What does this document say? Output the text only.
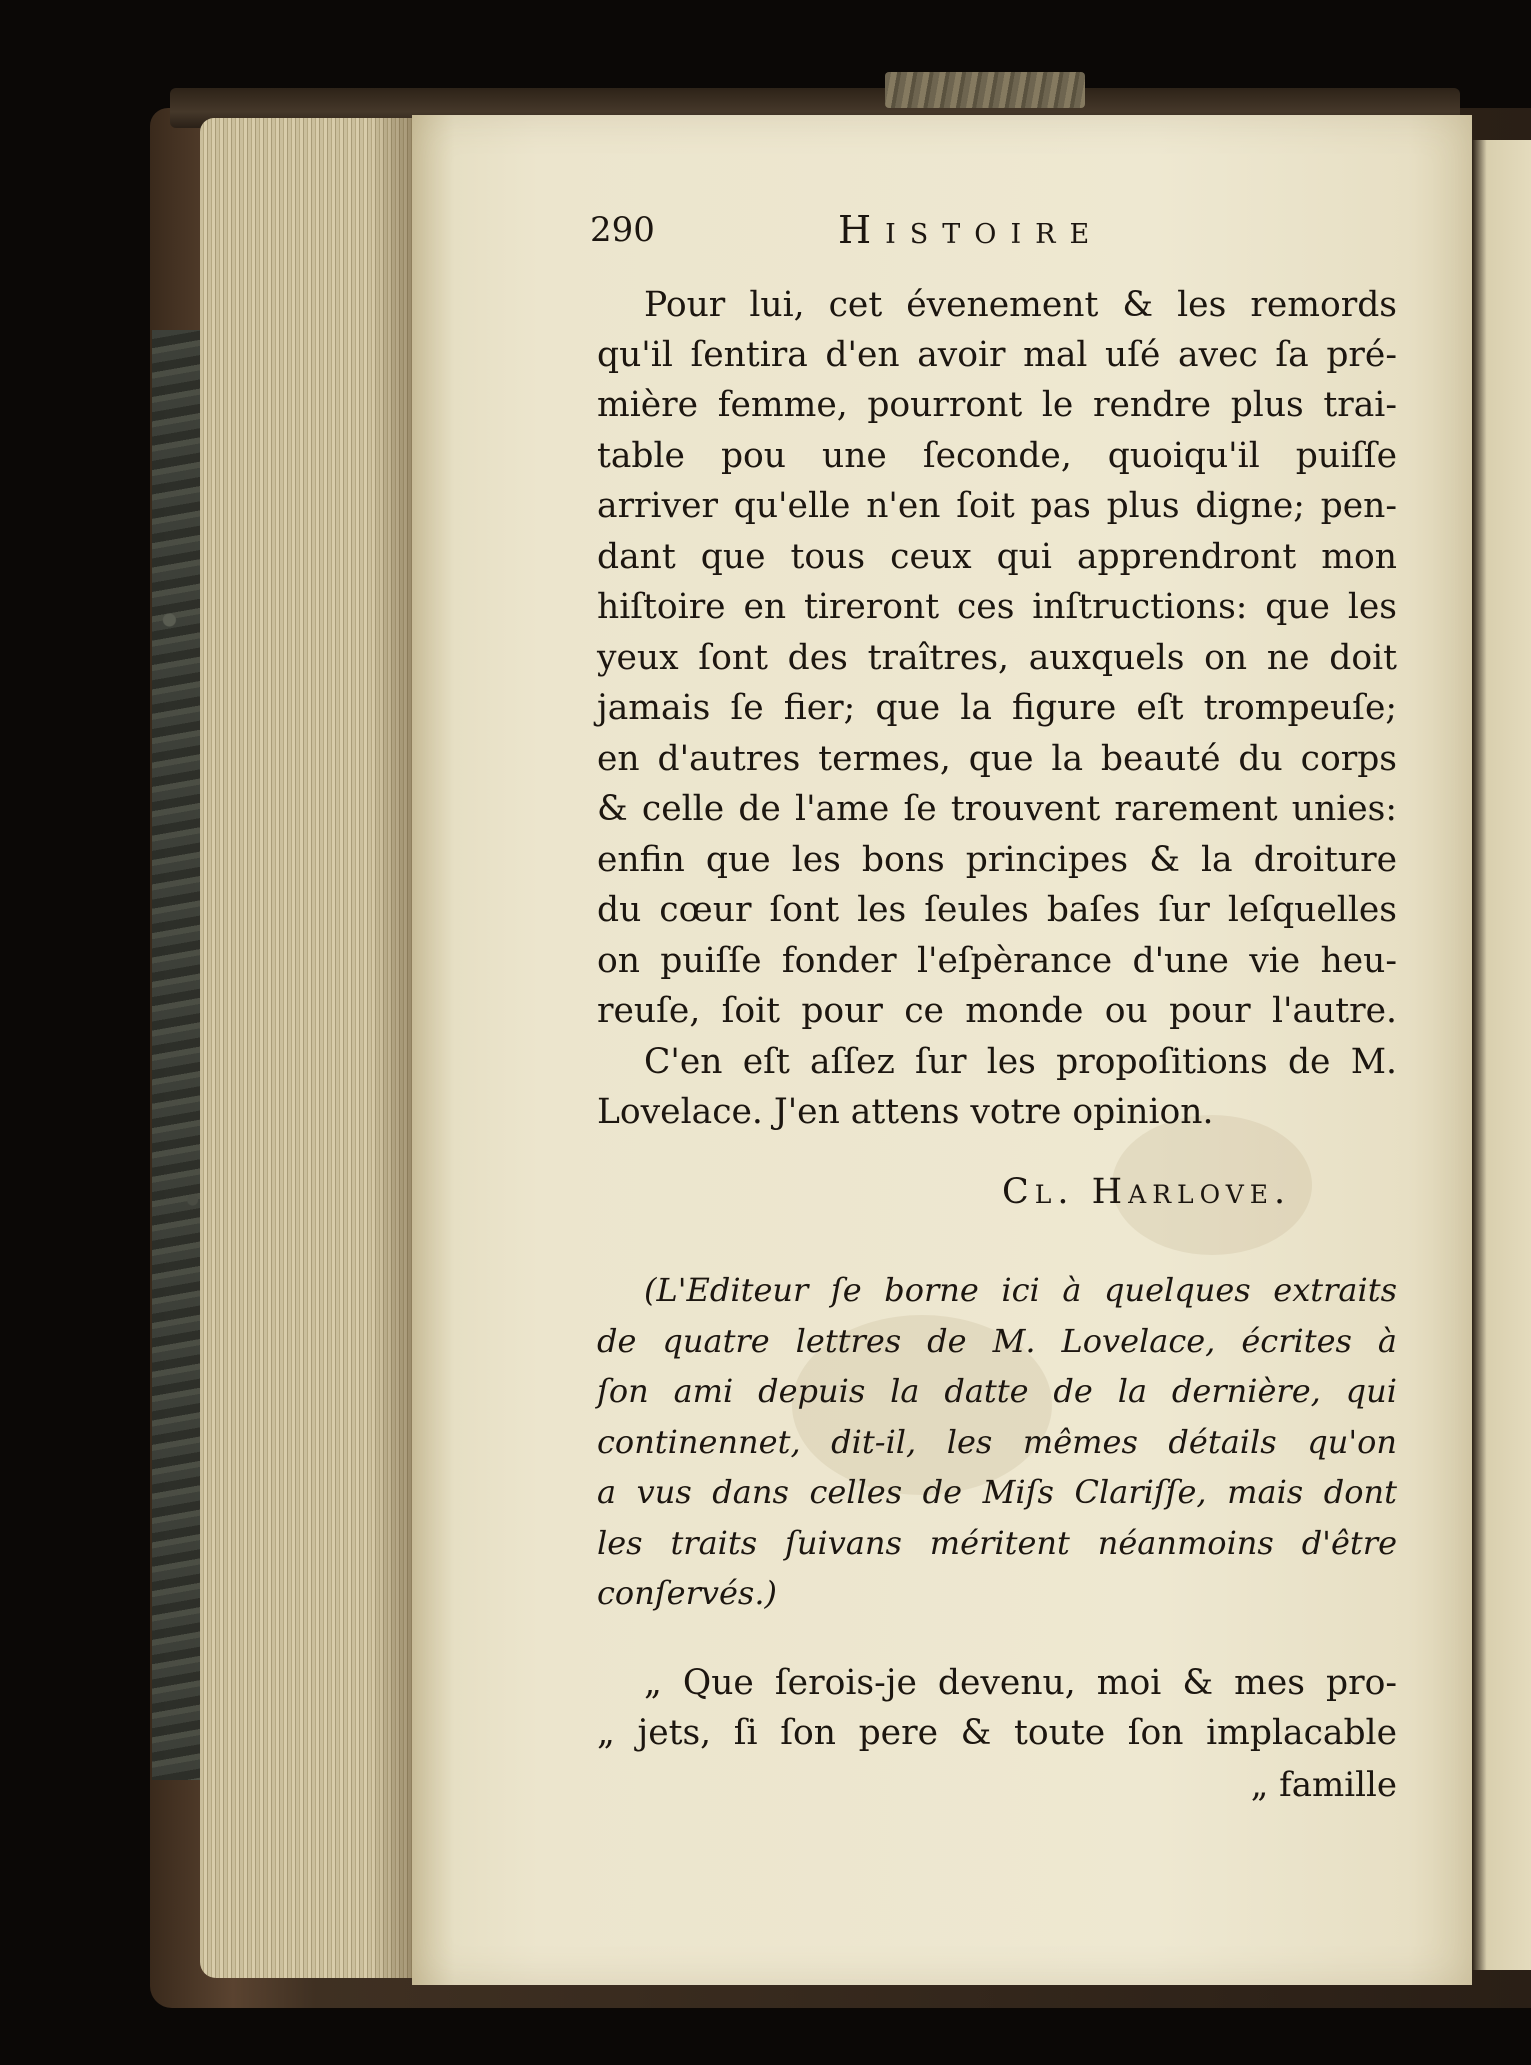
290	Histoire
Pour lui, cet évenement & les remords
qu'il ſentira d'en avoir mal uſé avec ſa pré-
mière femme, pourront le rendre plus trai-
table pou une ſeconde, quoiqu'il puiſſe
arriver qu'elle n'en ſoit pas plus digne; pen-
dant que tous ceux qui apprendront mon
hiſtoire en tireront ces inſtructions: que les
yeux ſont des traîtres, auxquels on ne doit
jamais ſe fier; que la figure eſt trompeuſe;
en d'autres termes, que la beauté du corps
& celle de l'ame ſe trouvent rarement unies:
enfin que les bons principes & la droiture
du cœur ſont les ſeules baſes ſur leſquelles
on puiſſe fonder l'eſpèrance d'une vie heu-
reuſe, ſoit pour ce monde ou pour l'autre.
C'en eſt aſſez ſur les propoſitions de M.
Lovelace. J'en attens votre opinion.
Cl. Harlove.
(L'Editeur ſe borne ici à quelques extraits
de quatre lettres de M. Lovelace, écrites à
ſon ami depuis la datte de la dernière, qui
continennet, dit-il, les mêmes détails qu'on
a vus dans celles de Miſs Clariſſe, mais dont
les traits ſuivans méritent néanmoins d'être
conſervés.)
„ Que ſerois-je devenu, moi & mes pro-
„ jets, ſi ſon pere & toute ſon implacable
„ famille
